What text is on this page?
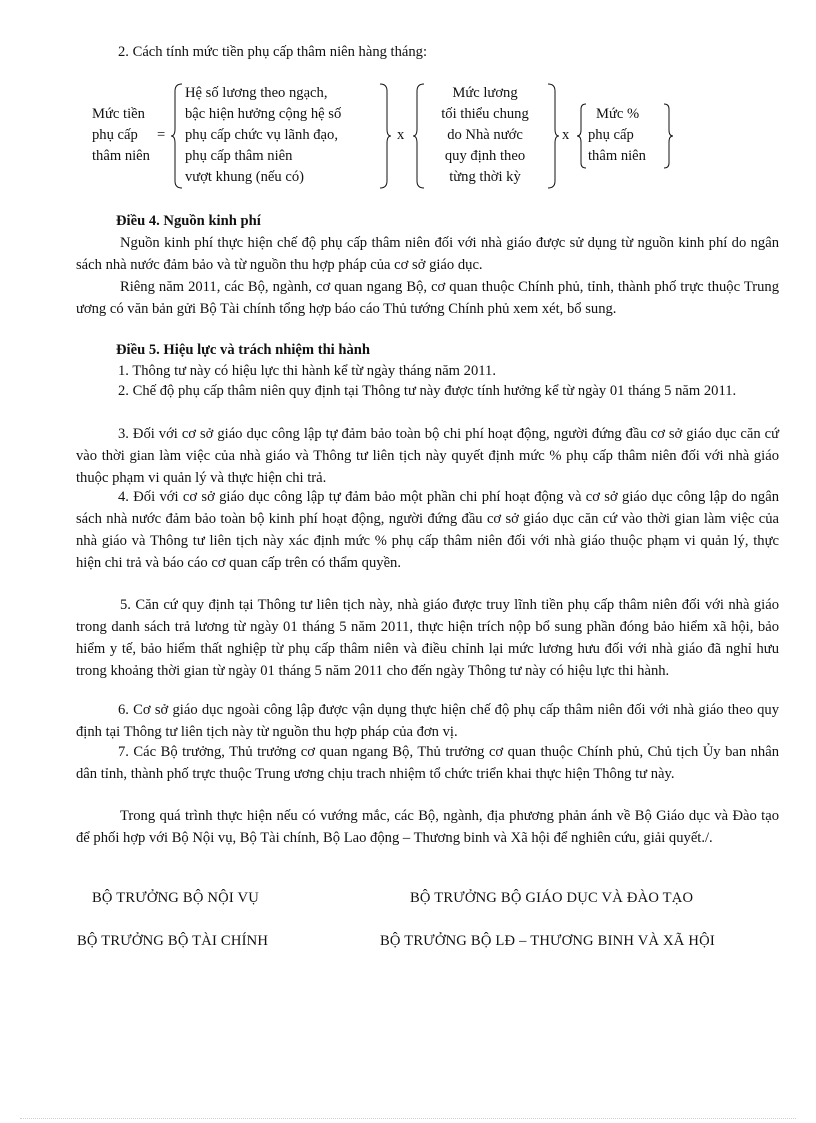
2. Cách tính mức tiền phụ cấp thâm niên hàng tháng:

Mức tiền
phụ cấp
thâm niên
=
Hệ số lương theo ngạch,
bậc hiện hưởng cộng hệ số
phụ cấp chức vụ lãnh đạo,
phụ cấp thâm niên
vượt khung (nếu có)
x
Mức lương
tối thiểu chung
do Nhà nước
quy định theo
từng thời kỳ
x
Mức %
phụ cấp
thâm niên

Điều 4. Nguồn kinh phí

Nguồn kinh phí thực hiện chế độ phụ cấp thâm niên đối với nhà giáo được sử dụng từ nguồn kinh phí do ngân sách nhà nước đảm bảo và từ nguồn thu hợp pháp của cơ sở giáo dục.

Riêng năm 2011, các Bộ, ngành, cơ quan ngang Bộ, cơ quan thuộc Chính phủ, tỉnh, thành phố trực thuộc Trung ương có văn bản gửi Bộ Tài chính tổng hợp báo cáo Thủ tướng Chính phủ xem xét, bổ sung.

Điều 5. Hiệu lực và trách nhiệm thi hành

1. Thông tư này có hiệu lực thi hành kể từ ngày tháng năm 2011.

2. Chế độ phụ cấp thâm niên quy định tại Thông tư này được tính hưởng kể từ ngày 01 tháng 5 năm 2011.

3. Đối với cơ sở giáo dục công lập tự đảm bảo toàn bộ chi phí hoạt động, người đứng đầu cơ sở giáo dục căn cứ vào thời gian làm việc của nhà giáo và Thông tư liên tịch này quyết định mức % phụ cấp thâm niên đối với nhà giáo thuộc phạm vi quản lý và thực hiện chi trả.

4. Đối với cơ sở giáo dục công lập tự đảm bảo một phần chi phí hoạt động và cơ sở giáo dục công lập do ngân sách nhà nước đảm bảo toàn bộ kinh phí hoạt động, người đứng đầu cơ sở giáo dục căn cứ vào thời gian làm việc của nhà giáo và Thông tư liên tịch này xác định mức % phụ cấp thâm niên đối với nhà giáo thuộc phạm vi quản lý, thực hiện chi trả và báo cáo cơ quan cấp trên có thẩm quyền.

5. Căn cứ quy định tại Thông tư liên tịch này, nhà giáo được truy lĩnh tiền phụ cấp thâm niên đối với nhà giáo trong danh sách trả lương từ ngày 01 tháng 5 năm 2011, thực hiện trích nộp bổ sung phần đóng bảo hiểm xã hội, bảo hiểm y tế, bảo hiểm thất nghiệp từ phụ cấp thâm niên và điều chỉnh lại mức lương hưu đối với nhà giáo đã nghỉ hưu trong khoảng thời gian từ ngày 01 tháng 5 năm 2011 cho đến ngày Thông tư này có hiệu lực thi hành.

6. Cơ sở giáo dục ngoài công lập được vận dụng thực hiện chế độ phụ cấp thâm niên đối với nhà giáo theo quy định tại Thông tư liên tịch này từ nguồn thu hợp pháp của đơn vị.

7. Các Bộ trưởng, Thủ trưởng cơ quan ngang Bộ, Thủ trưởng cơ quan thuộc Chính phủ, Chủ tịch Ủy ban nhân dân tỉnh, thành phố trực thuộc Trung ương chịu trach nhiệm tổ chức triển khai thực hiện Thông tư này.

Trong quá trình thực hiện nếu có vướng mắc, các Bộ, ngành, địa phương phản ánh về Bộ Giáo dục và Đào tạo để phối hợp với Bộ Nội vụ, Bộ Tài chính, Bộ Lao động – Thương binh và Xã hội để nghiên cứu, giải quyết./.

BỘ TRƯỞNG BỘ NỘI VỤ	BỘ TRƯỞNG BỘ GIÁO DỤC VÀ ĐÀO TẠO
BỘ TRƯỞNG BỘ TÀI CHÍNH	BỘ TRƯỞNG BỘ LĐ – THƯƠNG BINH VÀ XÃ HỘI
